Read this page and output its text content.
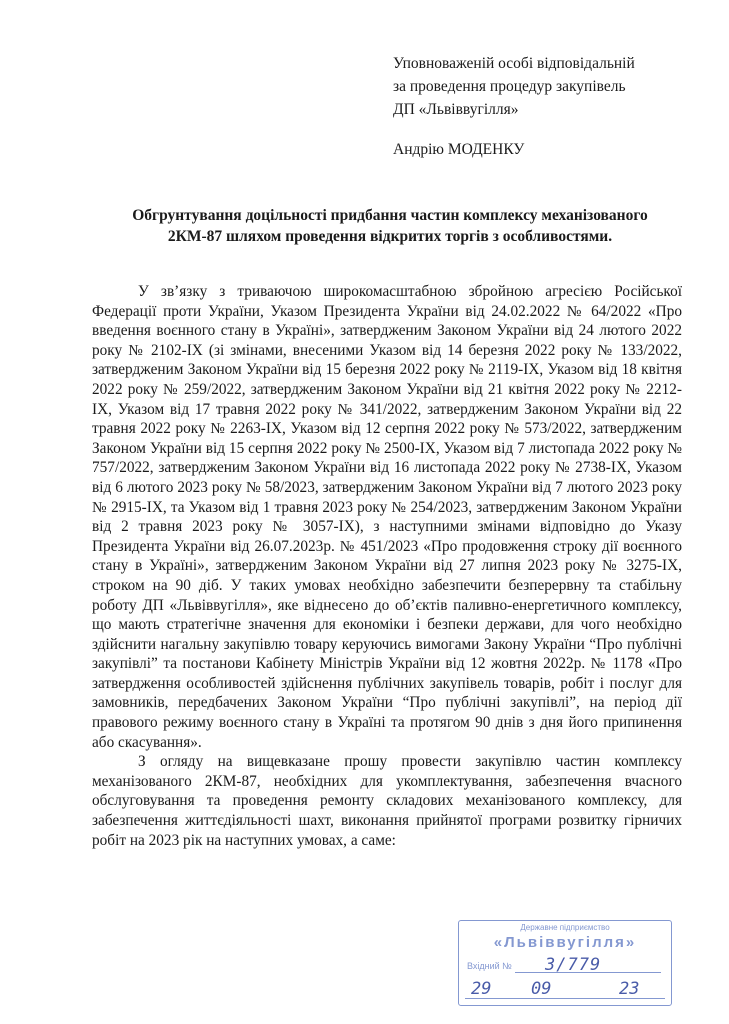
Уповноваженій особі відповідальній
за проведення процедур закупівель
ДП «Львіввугілля»
Андрію МОДЕНКУ
Обгрунтування доцільності придбання частин комплексу механізованого
2КМ-87 шляхом проведення відкритих торгів з особливостями.

У зв’язку з триваючою широкомасштабною збройною агресією Російської Федерації проти України, Указом Президента України від 24.02.2022 № 64/2022 «Про введення воєнного стану в Україні», затвердженим Законом України від 24 лютого 2022 року № 2102-IX (зі змінами, внесеними Указом від 14 березня 2022 року № 133/2022, затвердженим Законом України від 15 березня 2022 року № 2119-IX, Указом від 18 квітня 2022 року № 259/2022, затвердженим Законом України від 21 квітня 2022 року № 2212-IX, Указом від 17 травня 2022 року № 341/2022, затвердженим Законом України від 22 травня 2022 року № 2263-IX, Указом від 12 серпня 2022 року № 573/2022, затвердженим Законом України від 15 серпня 2022 року № 2500-IX, Указом від 7 листопада 2022 року № 757/2022, затвердженим Законом України від 16 листопада 2022 року № 2738-IX, Указом від 6 лютого 2023 року № 58/2023, затвердженим Законом України від 7 лютого 2023 року № 2915-IX, та Указом від 1 травня 2023 року № 254/2023, затвердженим Законом України від 2 травня 2023 року № 3057-IX), з наступними змінами відповідно до Указу Президента України від 26.07.2023р. № 451/2023 «Про продовження строку дії воєнного стану в Україні», затвердженим Законом України від 27 липня 2023 року № 3275-IX, строком на 90 діб. У таких умовах необхідно забезпечити безперервну та стабільну роботу ДП «Львіввугілля», яке віднесено до об’єктів паливно-енергетичного комплексу, що мають стратегічне значення для економіки і безпеки держави, для чого необхідно здійснити нагальну закупівлю товару керуючись вимогами Закону України “Про публічні закупівлі” та постанови Кабінету Міністрів України від 12 жовтня 2022р. № 1178 «Про затвердження особливостей здійснення публічних закупівель товарів, робіт і послуг для замовників, передбачених Законом України “Про публічні закупівлі”, на період дії правового режиму воєнного стану в Україні та протягом 90 днів з дня його припинення або скасування».

З огляду на вищевказане прошу провести закупівлю частин комплексу механізованого 2КМ-87, необхідних для укомплектування, забезпечення вчасного обслуговування та проведення ремонту складових механізованого комплексу, для забезпечення життєдіяльності шахт, виконання прийнятої програми розвитку гірничих робіт на 2023 рік на наступних умовах, а саме:

Державне підприємство
«Львіввугілля»
Вхідний № 3/779
29 09	23
